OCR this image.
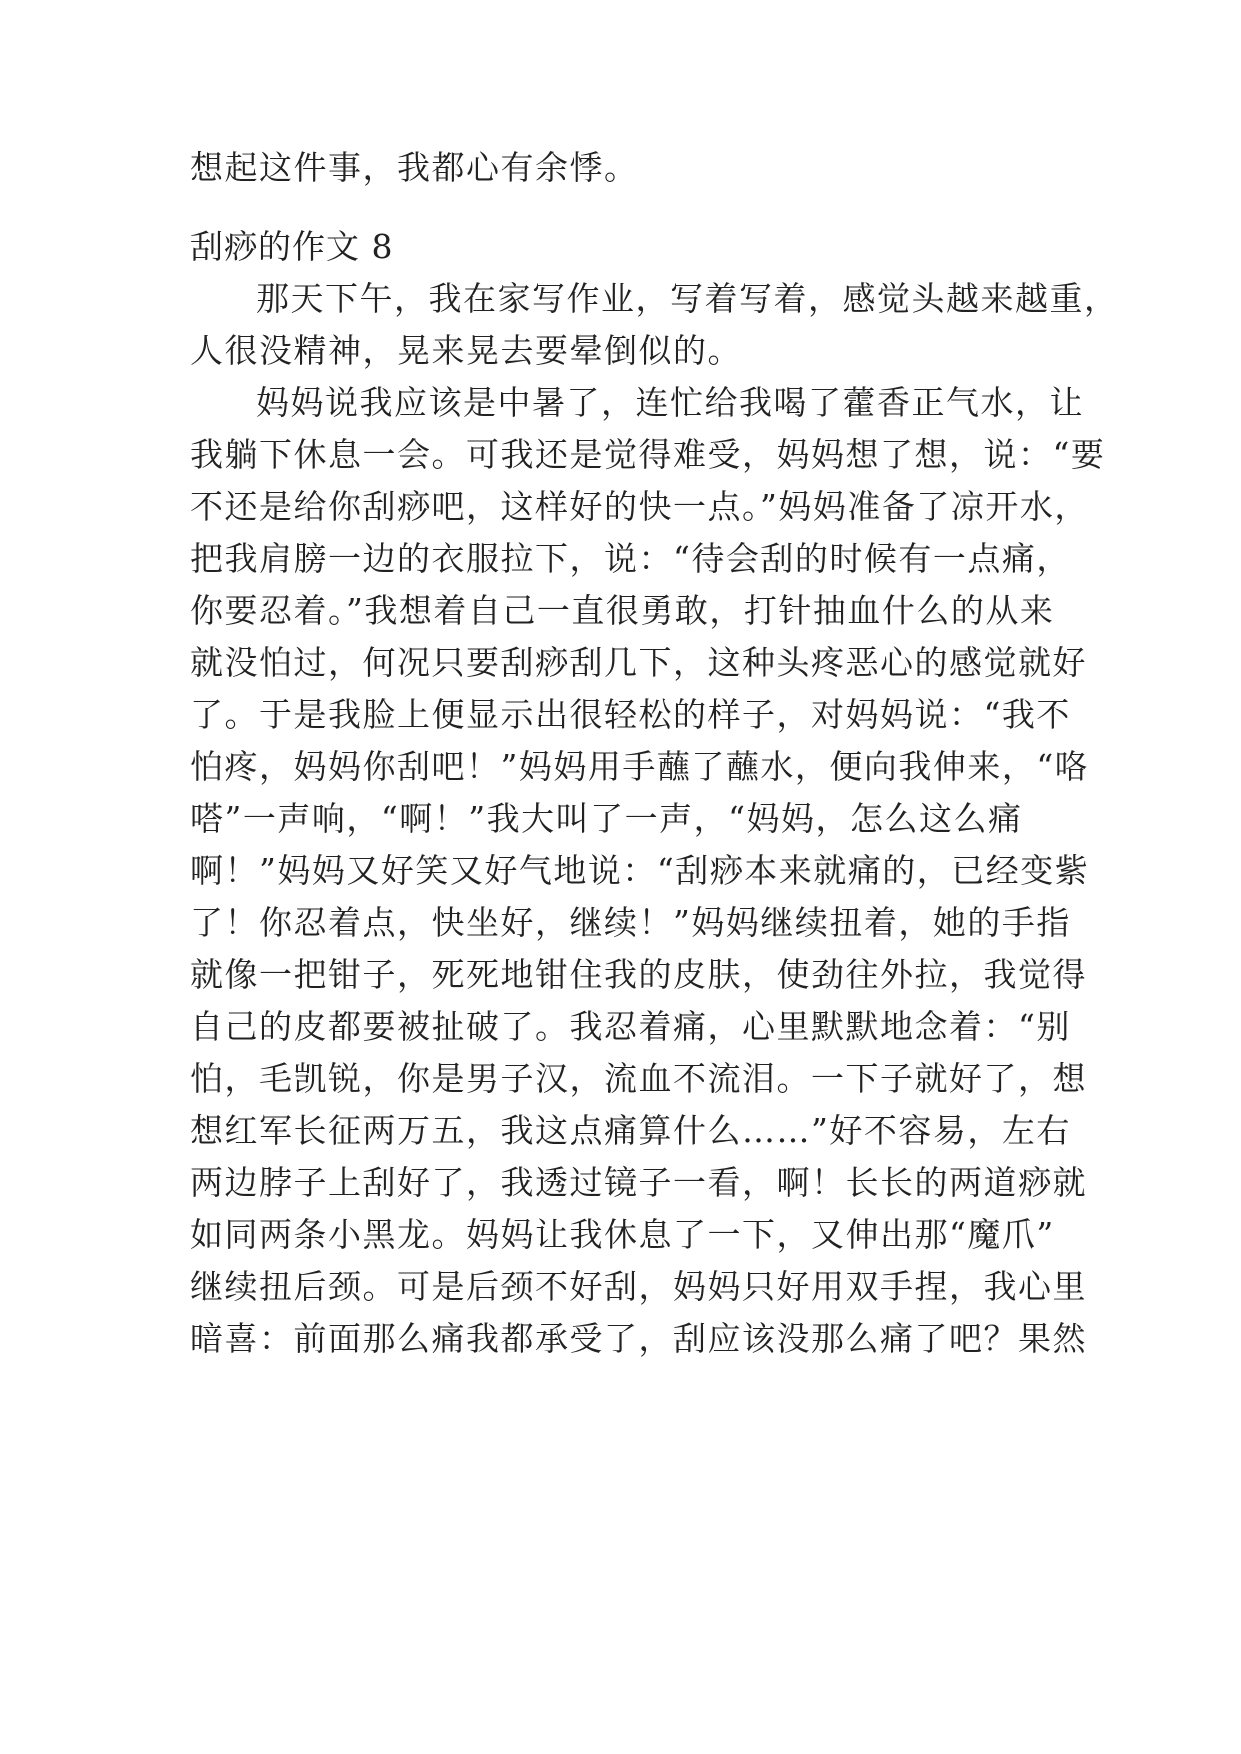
想起这件事，我都心有余悸。
刮痧的作文 8
那天下午，我在家写作业，写着写着，感觉头越来越重，
人很没精神，晃来晃去要晕倒似的。
妈妈说我应该是中暑了，连忙给我喝了藿香正气水，让
我躺下休息一会。可我还是觉得难受，妈妈想了想，说：“要
不还是给你刮痧吧，这样好的快一点。”妈妈准备了凉开水，
把我肩膀一边的衣服拉下，说：“待会刮的时候有一点痛，
你要忍着。”我想着自己一直很勇敢，打针抽血什么的从来
就没怕过，何况只要刮痧刮几下，这种头疼恶心的感觉就好
了。于是我脸上便显示出很轻松的样子，对妈妈说：“我不
怕疼，妈妈你刮吧！”妈妈用手蘸了蘸水，便向我伸来，“咯
嗒”一声响，“啊！”我大叫了一声，“妈妈，怎么这么痛
啊！”妈妈又好笑又好气地说：“刮痧本来就痛的，已经变紫
了！你忍着点，快坐好，继续！”妈妈继续扭着，她的手指
就像一把钳子，死死地钳住我的皮肤，使劲往外拉，我觉得
自己的皮都要被扯破了。我忍着痛，心里默默地念着：“别
怕，毛凯锐，你是男子汉，流血不流泪。一下子就好了，想
想红军长征两万五，我这点痛算什么……”好不容易，左右
两边脖子上刮好了，我透过镜子一看，啊！长长的两道痧就
如同两条小黑龙。妈妈让我休息了一下，又伸出那“魔爪”
继续扭后颈。可是后颈不好刮，妈妈只好用双手捏，我心里
暗喜：前面那么痛我都承受了，刮应该没那么痛了吧？果然
